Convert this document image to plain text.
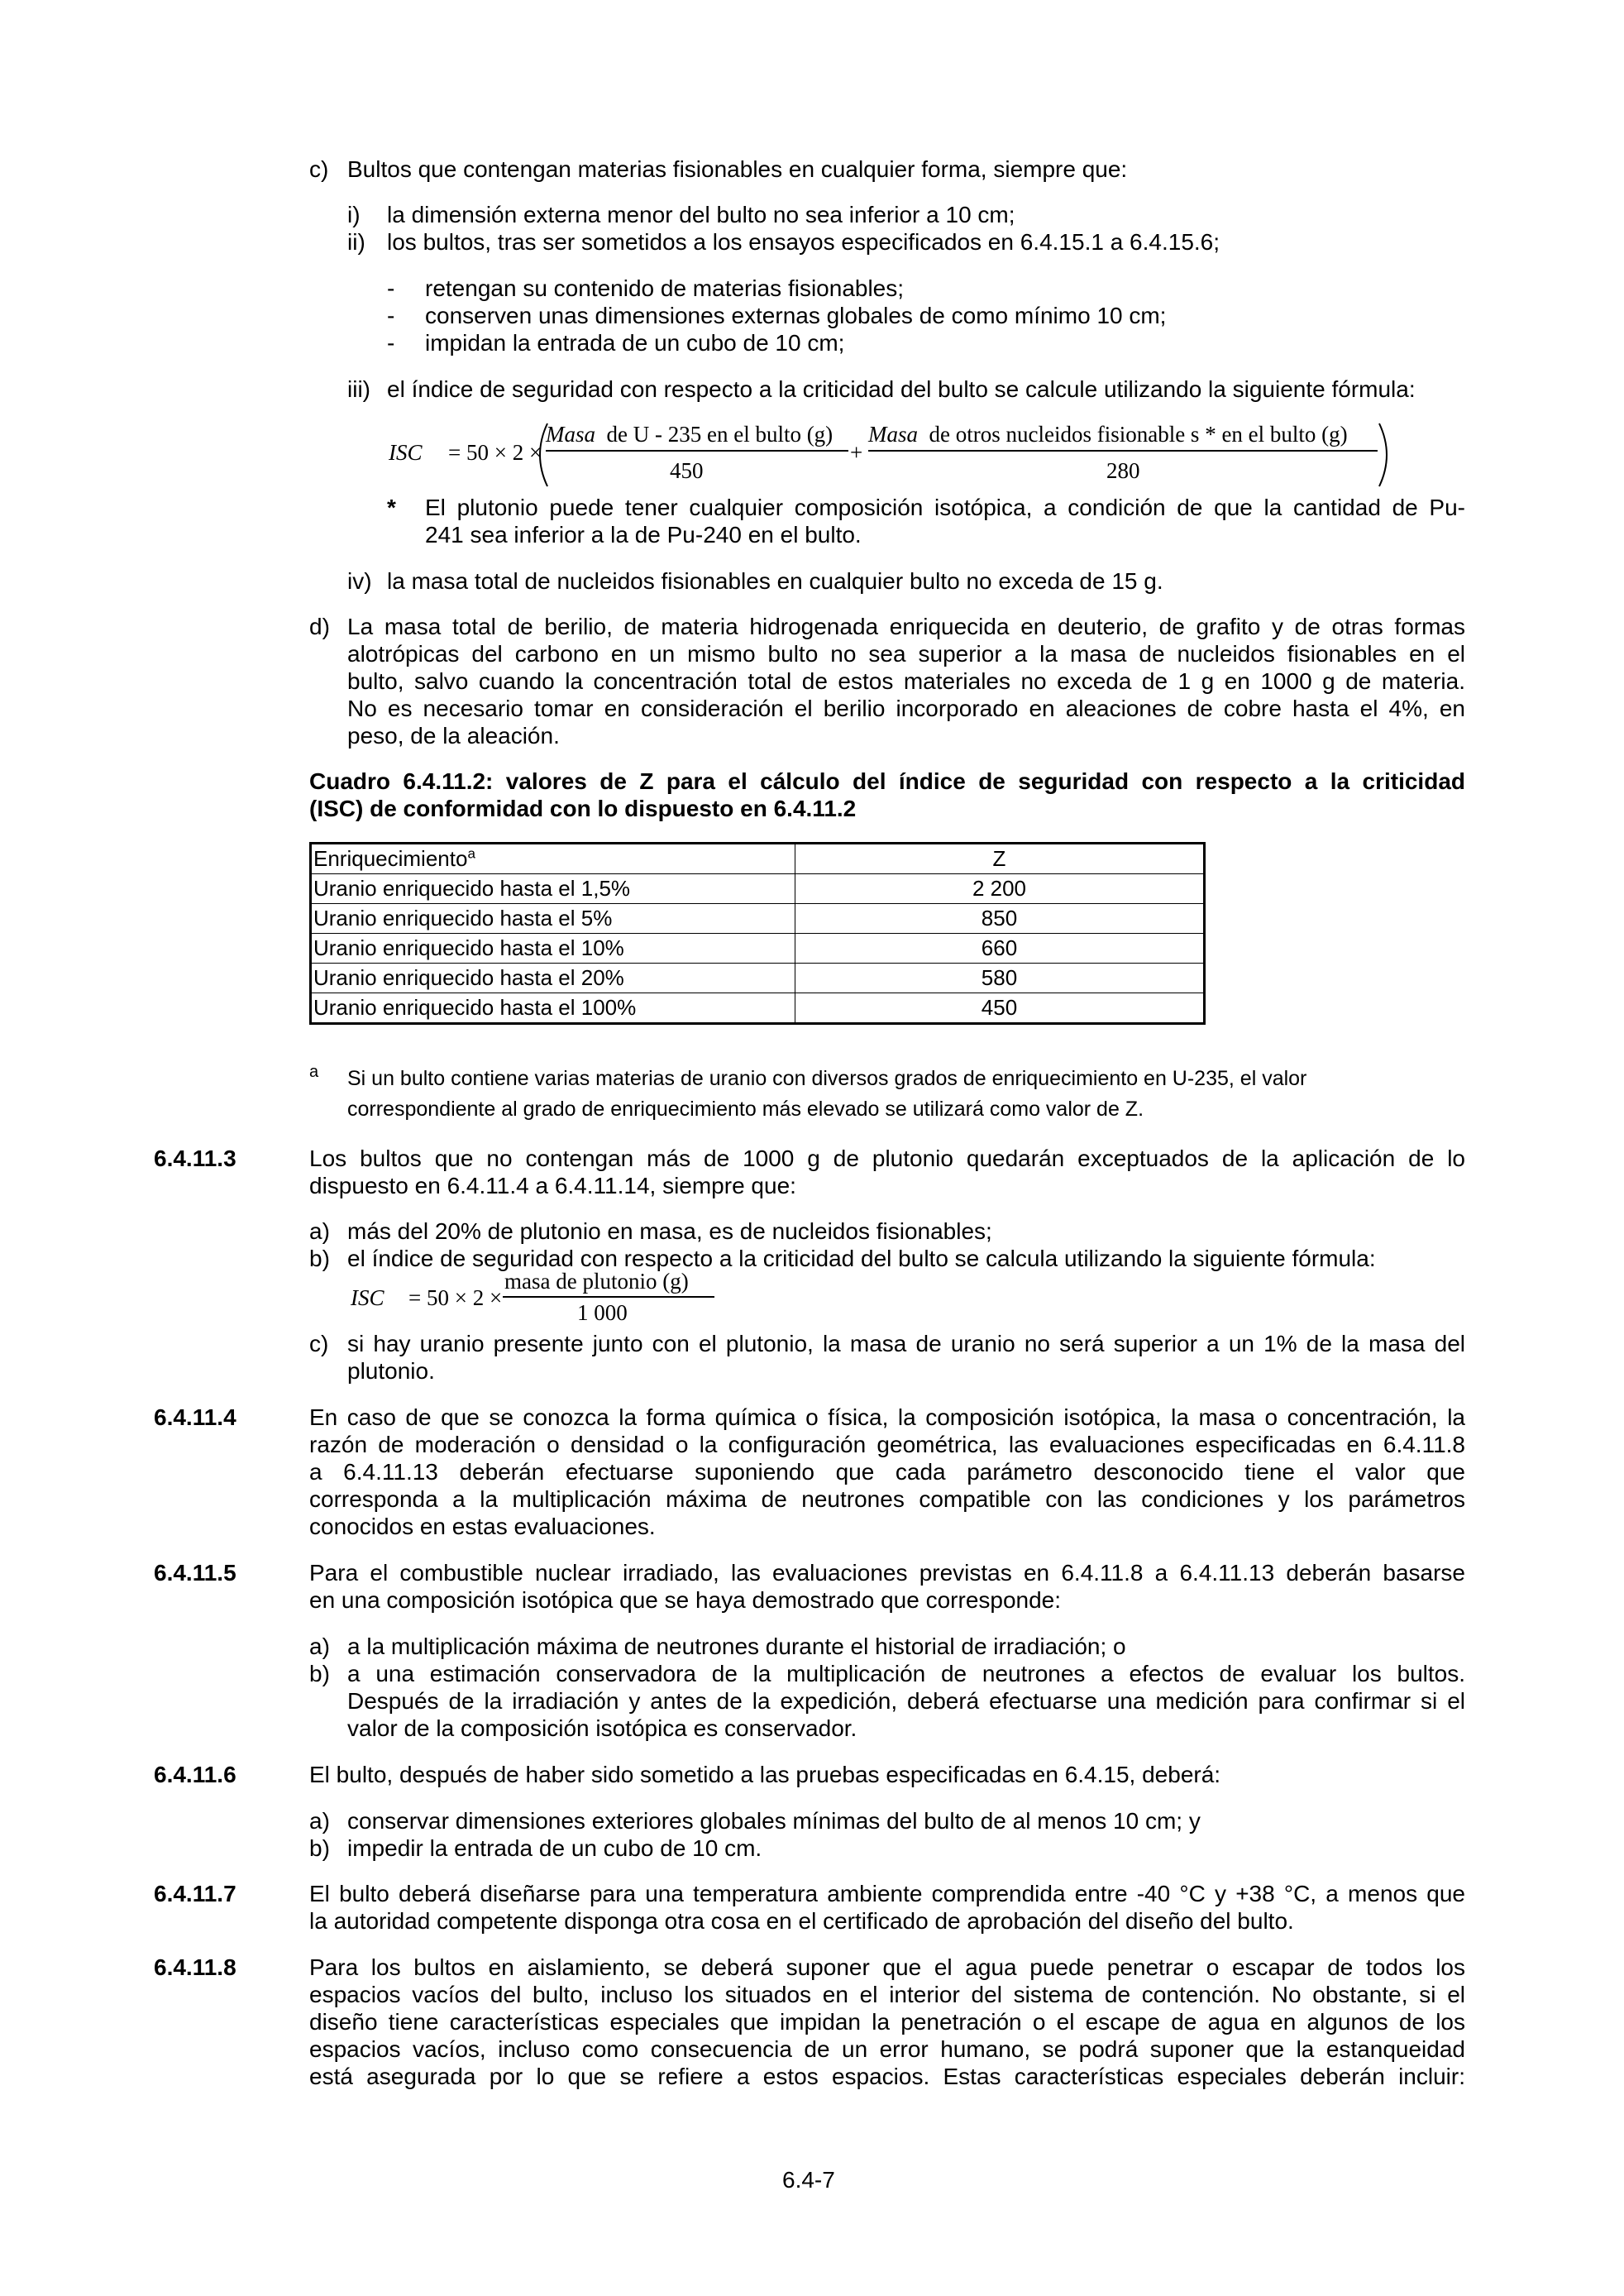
c) Bultos que contengan materias fisionables en cualquier forma, siempre que:
i) la dimensión externa menor del bulto no sea inferior a 10 cm;
ii) los bultos, tras ser sometidos a los ensayos especificados en 6.4.15.1 a 6.4.15.6;
- retengan su contenido de materias fisionables;
- conserven unas dimensiones externas globales de como mínimo 10 cm;
- impidan la entrada de un cubo de 10 cm;
iii) el índice de seguridad con respecto a la criticidad del bulto se calcule utilizando la siguiente fórmula:
ISC = 50 × 2 ×
Masa de U - 235 en el bulto (g)
450
+
Masa de otros nucleidos fisionable s * en el bulto (g)
280
* El plutonio puede tener cualquier composición isotópica, a condición de que la cantidad de Pu-
241 sea inferior a la de Pu-240 en el bulto.
iv) la masa total de nucleidos fisionables en cualquier bulto no exceda de 15 g.
d) La masa total de berilio, de materia hidrogenada enriquecida en deuterio, de grafito y de otras formas
alotrópicas del carbono en un mismo bulto no sea superior a la masa de nucleidos fisionables en el
bulto, salvo cuando la concentración total de estos materiales no exceda de 1 g en 1000 g de materia.
No es necesario tomar en consideración el berilio incorporado en aleaciones de cobre hasta el 4%, en
peso, de la aleación.
Cuadro 6.4.11.2: valores de Z para el cálculo del índice de seguridad con respecto a la criticidad
(ISC) de conformidad con lo dispuesto en 6.4.11.2
Enriquecimiento$^a$	Z
Uranio enriquecido hasta el 1,5%	2 200
Uranio enriquecido hasta el 5%	850
Uranio enriquecido hasta el 10%	660
Uranio enriquecido hasta el 20%	580
Uranio enriquecido hasta el 100%	450
a Si un bulto contiene varias materias de uranio con diversos grados de enriquecimiento en U-235, el valor
correspondiente al grado de enriquecimiento más elevado se utilizará como valor de Z.
6.4.11.3	Los bultos que no contengan más de 1000 g de plutonio quedarán exceptuados de la aplicación de lo
dispuesto en 6.4.11.4 a 6.4.11.14, siempre que:
a) más del 20% de plutonio en masa, es de nucleidos fisionables;
b) el índice de seguridad con respecto a la criticidad del bulto se calcula utilizando la siguiente fórmula:
ISC = 50 × 2 ×
masa de plutonio (g)
1 000
c) si hay uranio presente junto con el plutonio, la masa de uranio no será superior a un 1% de la masa del
plutonio.
6.4.11.4	En caso de que se conozca la forma química o física, la composición isotópica, la masa o concentración, la
razón de moderación o densidad o la configuración geométrica, las evaluaciones especificadas en 6.4.11.8
a 6.4.11.13 deberán efectuarse suponiendo que cada parámetro desconocido tiene el valor que
corresponda a la multiplicación máxima de neutrones compatible con las condiciones y los parámetros
conocidos en estas evaluaciones.
6.4.11.5	Para el combustible nuclear irradiado, las evaluaciones previstas en 6.4.11.8 a 6.4.11.13 deberán basarse
en una composición isotópica que se haya demostrado que corresponde:
a) a la multiplicación máxima de neutrones durante el historial de irradiación; o
b) a una estimación conservadora de la multiplicación de neutrones a efectos de evaluar los bultos.
Después de la irradiación y antes de la expedición, deberá efectuarse una medición para confirmar si el
valor de la composición isotópica es conservador.
6.4.11.6	El bulto, después de haber sido sometido a las pruebas especificadas en 6.4.15, deberá:
a) conservar dimensiones exteriores globales mínimas del bulto de al menos 10 cm; y
b) impedir la entrada de un cubo de 10 cm.
6.4.11.7	El bulto deberá diseñarse para una temperatura ambiente comprendida entre -40 °C y +38 °C, a menos que
la autoridad competente disponga otra cosa en el certificado de aprobación del diseño del bulto.
6.4.11.8	Para los bultos en aislamiento, se deberá suponer que el agua puede penetrar o escapar de todos los
espacios vacíos del bulto, incluso los situados en el interior del sistema de contención. No obstante, si el
diseño tiene características especiales que impidan la penetración o el escape de agua en algunos de los
espacios vacíos, incluso como consecuencia de un error humano, se podrá suponer que la estanqueidad
está asegurada por lo que se refiere a estos espacios. Estas características especiales deberán incluir:
6.4-7
